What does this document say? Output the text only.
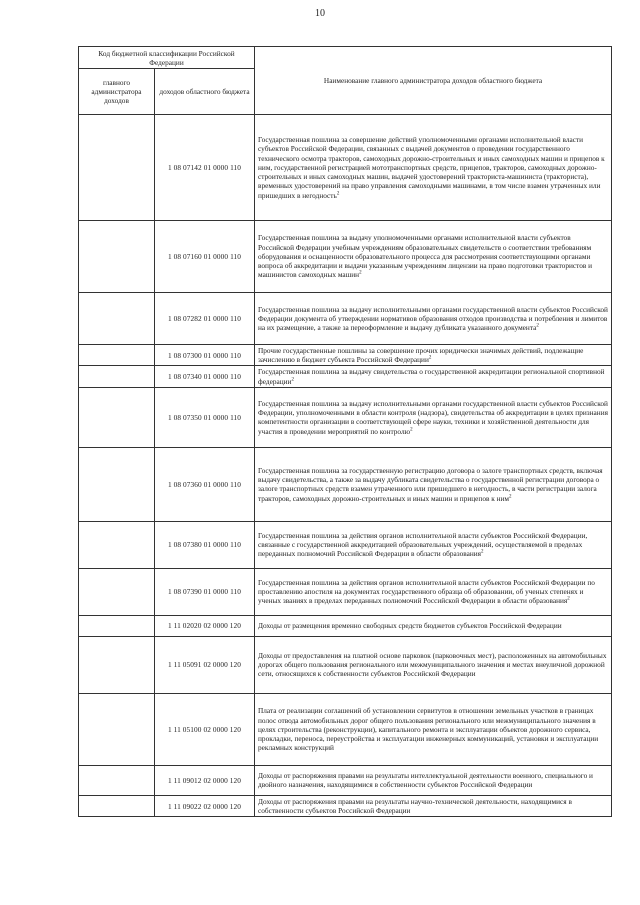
10
Код бюджетной классификации Российской Федерации		Наименование главного администратора доходов областного бюджета
главного администратора доходов	доходов областного бюджета	
	1 08 07142 01 0000 110	Государственная пошлина за совершение действий уполномоченными органами исполнительной власти субъектов Российской Федерации, связанных с выдачей документов о проведении государственного технического осмотра тракторов, самоходных дорожно-строительных и иных самоходных машин и прицепов к ним, государственной регистрацией мототранспортных средств, прицепов, тракторов, самоходных дорожно-строительных и иных самоходных машин, выдачей удостоверений тракториста-машиниста (тракториста), временных удостоверений на право управления самоходными машинами, в том числе взамен утраченных или пришедших в негодность$^2$
	1 08 07160 01 0000 110	Государственная пошлина за выдачу уполномоченными органами исполнительной власти субъектов Российской Федерации учебным учреждениям образовательных свидетельств о соответствии требованиям оборудования и оснащенности образовательного процесса для рассмотрения соответствующими органами вопроса об аккредитации и выдачи указанным учреждениям лицензии на право подготовки трактористов и машинистов самоходных машин$^2$
	1 08 07282 01 0000 110	Государственная пошлина за выдачу исполнительными органами государственной власти субъектов Российской Федерации документа об утверждении нормативов образования отходов производства и потребления и лимитов на их размещение, а также за переоформление и выдачу дубликата указанного документа$^2$
	1 08 07300 01 0000 110	Прочие государственные пошлины за совершение прочих юридически значимых действий, подлежащие зачислению в бюджет субъекта Российской Федерации$^2$
	1 08 07340 01 0000 110	Государственная пошлина за выдачу свидетельства о государственной аккредитации региональной спортивной федерации$^2$
	1 08 07350 01 0000 110	Государственная пошлина за выдачу исполнительными органами государственной власти субъектов Российской Федерации, уполномоченными в области контроля (надзора), свидетельства об аккредитации в целях признания компетентности организации в соответствующей сфере науки, техники и хозяйственной деятельности для участия в проведении мероприятий по контролю$^2$
	1 08 07360 01 0000 110	Государственная пошлина за государственную регистрацию договора о залоге транспортных средств, включая выдачу свидетельства, а также за выдачу дубликата свидетельства о государственной регистрации договора о залоге транспортных средств взамен утраченного или пришедшего в негодность, в части регистрации залога тракторов, самоходных дорожно-строительных и иных машин и прицепов к ним$^2$
	1 08 07380 01 0000 110	Государственная пошлина за действия органов исполнительной власти субъектов Российской Федерации, связанные с государственной аккредитацией образовательных учреждений, осуществляемой в пределах переданных полномочий Российской Федерации в области образования$^2$
	1 08 07390 01 0000 110	Государственная пошлина за действия органов исполнительной власти субъектов Российской Федерации по проставлению апостиля на документах государственного образца об образовании, об ученых степенях и ученых званиях в пределах переданных полномочий Российской Федерации в области образования$^2$
	1 11 02020 02 0000 120	Доходы от размещения временно свободных средств бюджетов субъектов Российской Федерации
	1 11 05091 02 0000 120	Доходы от предоставления на платной основе парковок (парковочных мест), расположенных на автомобильных дорогах общего пользования регионального или межмуниципального значения и местах внеуличной дорожной сети, относящихся к собственности субъектов Российской Федерации
	1 11 05100 02 0000 120	Плата от реализации соглашений об установлении сервитутов в отношении земельных участков в границах полос отвода автомобильных дорог общего пользования регионального или межмуниципального значения в целях строительства (реконструкции), капитального ремонта и эксплуатации объектов дорожного сервиса, прокладки, переноса, переустройства и эксплуатации инженерных коммуникаций, установки и эксплуатации рекламных конструкций
	1 11 09012 02 0000 120	Доходы от распоряжения правами на результаты интеллектуальной деятельности военного, специального и двойного назначения, находящимися в собственности субъектов Российской Федерации
	1 11 09022 02 0000 120	Доходы от распоряжения правами на результаты научно-технической деятельности, находящимися в собственности субъектов Российской Федерации
